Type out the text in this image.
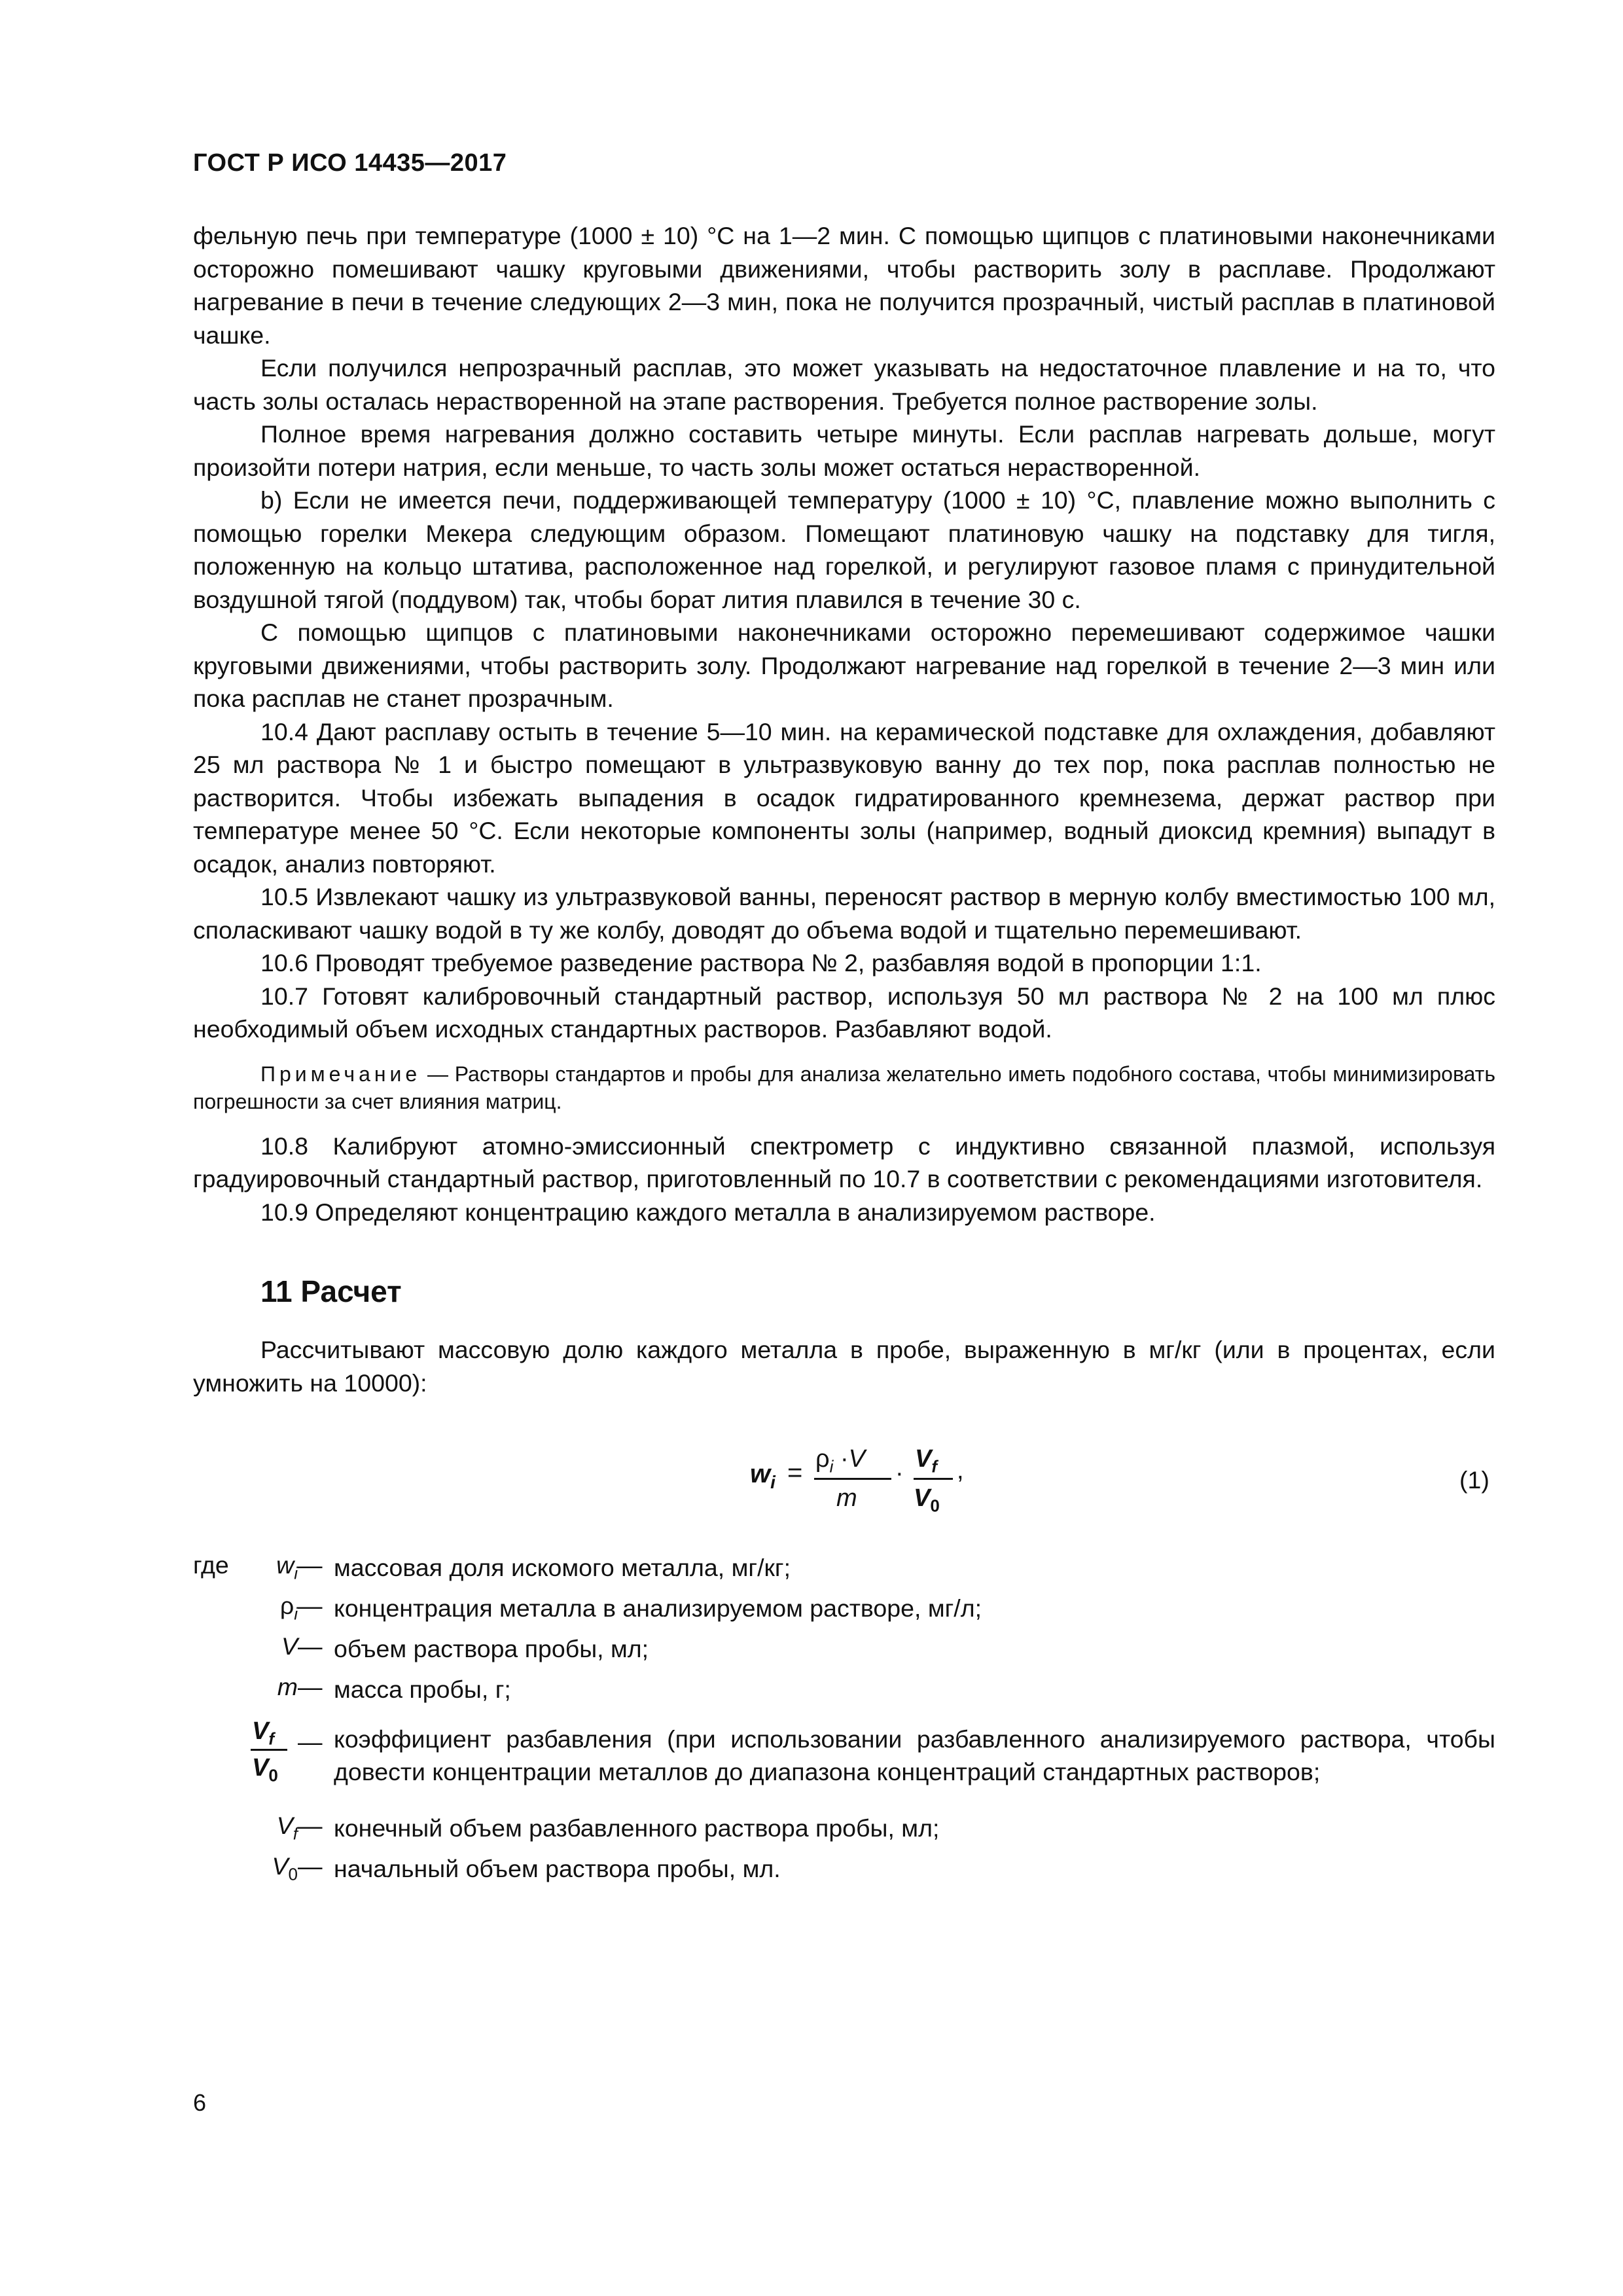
ГОСТ Р ИСО 14435—2017

фельную печь при температуре (1000 ± 10) °С на 1—2 мин. С помощью щипцов с платиновыми наконечниками осторожно помешивают чашку круговыми движениями, чтобы растворить золу в расплаве. Продолжают нагревание в печи в течение следующих 2—3 мин, пока не получится прозрачный, чистый расплав в платиновой чашке.

Если получился непрозрачный расплав, это может указывать на недостаточное плавление и на то, что часть золы осталась нерастворенной на этапе растворения. Требуется полное растворение золы.

Полное время нагревания должно составить четыре минуты. Если расплав нагревать дольше, могут произойти потери натрия, если меньше, то часть золы может остаться нерастворенной.

b) Если не имеется печи, поддерживающей температуру (1000 ± 10) °С, плавление можно выполнить с помощью горелки Мекера следующим образом. Помещают платиновую чашку на подставку для тигля, положенную на кольцо штатива, расположенное над горелкой, и регулируют газовое пламя с принудительной воздушной тягой (поддувом) так, чтобы борат лития плавился в течение 30 с.

С помощью щипцов с платиновыми наконечниками осторожно перемешивают содержимое чашки круговыми движениями, чтобы растворить золу. Продолжают нагревание над горелкой в течение 2—3 мин или пока расплав не станет прозрачным.

10.4 Дают расплаву остыть в течение 5—10 мин. на керамической подставке для охлаждения, добавляют 25 мл раствора № 1 и быстро помещают в ультразвуковую ванну до тех пор, пока расплав полностью не растворится. Чтобы избежать выпадения в осадок гидратированного кремнезема, держат раствор при температуре менее 50 °С. Если некоторые компоненты золы (например, водный диоксид кремния) выпадут в осадок, анализ повторяют.

10.5 Извлекают чашку из ультразвуковой ванны, переносят раствор в мерную колбу вместимостью 100 мл, споласкивают чашку водой в ту же колбу, доводят до объема водой и тщательно перемешивают.

10.6 Проводят требуемое разведение раствора № 2, разбавляя водой в пропорции 1:1.

10.7 Готовят калибровочный стандартный раствор, используя 50 мл раствора № 2 на 100 мл плюс необходимый объем исходных стандартных растворов. Разбавляют водой.

Примечание — Растворы стандартов и пробы для анализа желательно иметь подобного состава, чтобы минимизировать погрешности за счет влияния матриц.

10.8 Калибруют атомно-эмиссионный спектрометр с индуктивно связанной плазмой, используя градуировочный стандартный раствор, приготовленный по 10.7 в соответствии с рекомендациями изготовителя.

10.9 Определяют концентрацию каждого металла в анализируемом растворе.

11 Расчет

Рассчитывают массовую долю каждого металла в пробе, выраженную в мг/кг (или в процентах, если умножить на 10000):

$w_i = \rho_i \cdot V$
m
·
$V_f$
$V_0$
,	(1)
где	$w_i$ — массовая доля искомого металла, мг/кг;
$\rho_i$ — концентрация металла в анализируемом растворе, мг/л;
V — объем раствора пробы, мл;
m — масса пробы, г;
$V_f$
$V_0$
— коэффициент разбавления (при использовании разбавленного анализируемого раствора, чтобы довести концентрации металлов до диапазона концентраций стандартных растворов;
$V_f$ — конечный объем разбавленного раствора пробы, мл;
$V_0$ — начальный объем раствора пробы, мл.
6
